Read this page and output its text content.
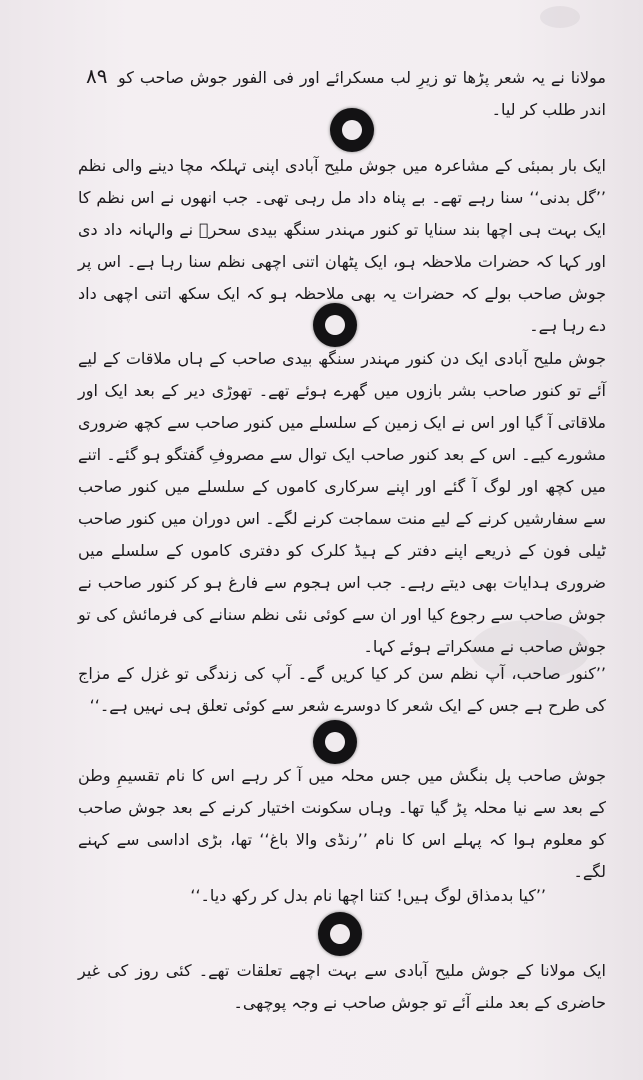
۸۹ مولانا نے یہ شعر پڑھا تو زیرِ لب مسکرائے اور فی الفور جوش صاحب کو اندر طلب کر لیا۔

ایک بار بمبئی کے مشاعرہ میں جوش ملیح آبادی اپنی تہلکہ مچا دینے والی نظم ’’گل بدنی‘‘ سنا رہے تھے۔ بے پناہ داد مل رہی تھی۔ جب انھوں نے اس نظم کا ایک بہت ہی اچھا بند سنایا تو کنور مہندر سنگھ بیدی سحرؔ نے والہانہ داد دی اور کہا کہ حضرات ملاحظہ ہو، ایک پٹھان اتنی اچھی نظم سنا رہا ہے۔ اس پر جوش صاحب بولے کہ حضرات یہ بھی ملاحظہ ہو کہ ایک سکھ اتنی اچھی داد دے رہا ہے۔

جوش ملیح آبادی ایک دن کنور مہندر سنگھ بیدی صاحب کے ہاں ملاقات کے لیے آئے تو کنور صاحب بشر بازوں میں گھرے ہوئے تھے۔ تھوڑی دیر کے بعد ایک اور ملاقاتی آ گیا اور اس نے ایک زمین کے سلسلے میں کنور صاحب سے کچھ ضروری مشورے کیے۔ اس کے بعد کنور صاحب ایک توال سے مصروفِ گفتگو ہو گئے۔ اتنے میں کچھ اور لوگ آ گئے اور اپنے سرکاری کاموں کے سلسلے میں کنور صاحب سے سفارشیں کرنے کے لیے منت سماجت کرنے لگے۔ اس دوران میں کنور صاحب ٹیلی فون کے ذریعے اپنے دفتر کے ہیڈ کلرک کو دفتری کاموں کے سلسلے میں ضروری ہدایات بھی دیتے رہے۔ جب اس ہجوم سے فارغ ہو کر کنور صاحب نے جوش صاحب سے رجوع کیا اور ان سے کوئی نئی نظم سنانے کی فرمائش کی تو جوش صاحب نے مسکراتے ہوئے کہا۔

’’کنور صاحب، آپ نظم سن کر کیا کریں گے۔ آپ کی زندگی تو غزل کے مزاج کی طرح ہے جس کے ایک شعر کا دوسرے شعر سے کوئی تعلق ہی نہیں ہے۔‘‘

جوش صاحب پل بنگش میں جس محلہ میں آ کر رہے اس کا نام تقسیمِ وطن کے بعد سے نیا محلہ پڑ گیا تھا۔ وہاں سکونت اختیار کرنے کے بعد جوش صاحب کو معلوم ہوا کہ پہلے اس کا نام ’’رنڈی والا باغ‘‘ تھا، بڑی اداسی سے کہنے لگے۔

’’کیا بدمذاق لوگ ہیں! کتنا اچھا نام بدل کر رکھ دیا۔‘‘

ایک مولانا کے جوش ملیح آبادی سے بہت اچھے تعلقات تھے۔ کئی روز کی غیر حاضری کے بعد ملنے آئے تو جوش صاحب نے وجہ پوچھی۔
